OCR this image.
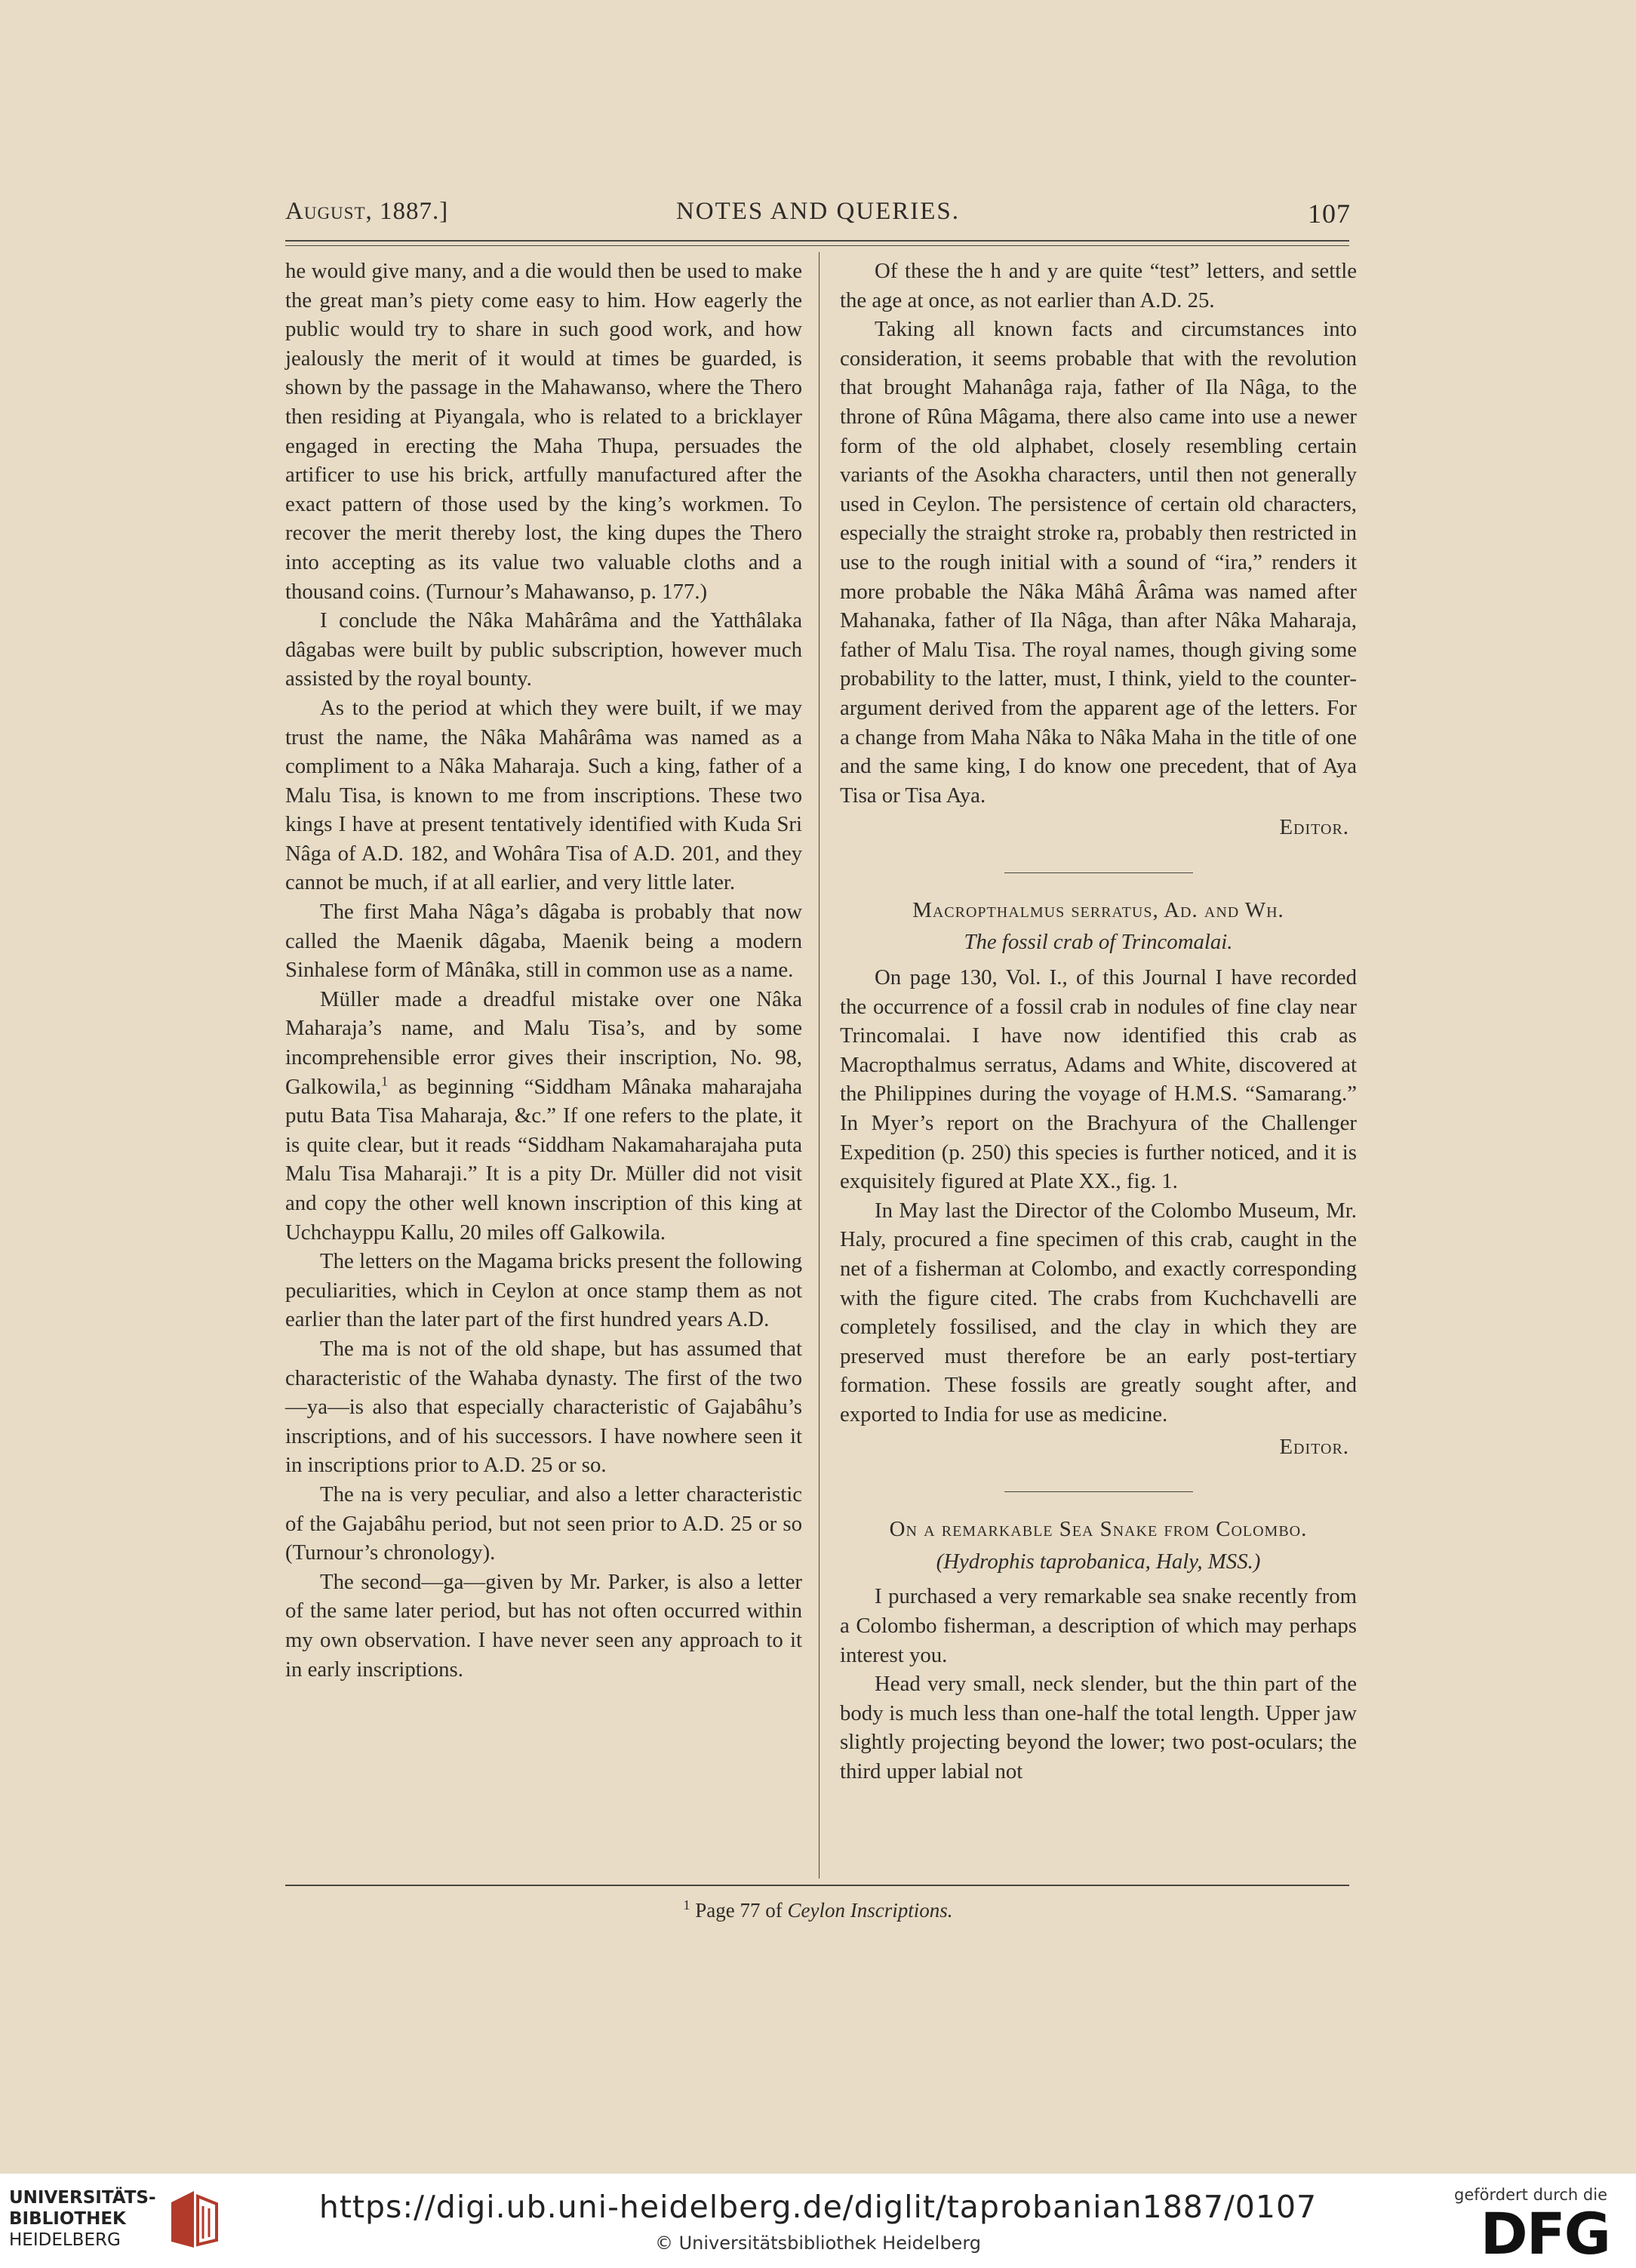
August, 1887.]	NOTES AND QUERIES.	107

he would give many, and a die would then be used to make the great man’s piety come easy to him. How eagerly the public would try to share in such good work, and how jealously the merit of it would at times be guarded, is shown by the passage in the Mahawanso, where the Thero then residing at Piyangala, who is related to a bricklayer engaged in erecting the Maha Thupa, persuades the artificer to use his brick, artfully manufactured after the exact pattern of those used by the king’s workmen. To recover the merit thereby lost, the king dupes the Thero into accepting as its value two valuable cloths and a thousand coins. (Turnour’s Mahawanso, p. 177.)

I conclude the Nâka Mahârâma and the Yatthâlaka dâgabas were built by public subscription, however much assisted by the royal bounty.

As to the period at which they were built, if we may trust the name, the Nâka Mahârâma was named as a compliment to a Nâka Maharaja. Such a king, father of a Malu Tisa, is known to me from inscriptions. These two kings I have at present tentatively identified with Kuda Sri Nâga of A.D. 182, and Wohâra Tisa of A.D. 201, and they cannot be much, if at all earlier, and very little later.

The first Maha Nâga’s dâgaba is probably that now called the Maenik dâgaba, Maenik being a modern Sinhalese form of Mânâka, still in common use as a name.

Müller made a dreadful mistake over one Nâka Maharaja’s name, and Malu Tisa’s, and by some incomprehensible error gives their inscription, No. 98, Galkowila,$^1$ as beginning “Siddham Mânaka maharajaha putu Bata Tisa Maharaja, &c.” If one refers to the plate, it is quite clear, but it reads “Siddham Nakamaharajaha puta Malu Tisa Maharaji.” It is a pity Dr. Müller did not visit and copy the other well known inscription of this king at Uchchayppu Kallu, 20 miles off Galkowila.

The letters on the Magama bricks present the following peculiarities, which in Ceylon at once stamp them as not earlier than the later part of the first hundred years A.D.

The ma is not of the old shape, but has assumed that characteristic of the Wahaba dynasty. The first of the two—ya—is also that especially characteristic of Gajabâhu’s inscriptions, and of his successors. I have nowhere seen it in inscriptions prior to A.D. 25 or so.

The na is very peculiar, and also a letter characteristic of the Gajabâhu period, but not seen prior to A.D. 25 or so (Turnour’s chronology).

The second—ga—given by Mr. Parker, is also a letter of the same later period, but has not often occurred within my own observation. I have never seen any approach to it in early inscriptions.

Of these the h and y are quite “test” letters, and settle the age at once, as not earlier than A.D. 25.

Taking all known facts and circumstances into consideration, it seems probable that with the revolution that brought Mahanâga raja, father of Ila Nâga, to the throne of Rûna Mâgama, there also came into use a newer form of the old alphabet, closely resembling certain variants of the Asokha characters, until then not generally used in Ceylon. The persistence of certain old characters, especially the straight stroke ra, probably then restricted in use to the rough initial with a sound of “ira,” renders it more probable the Nâka Mâhâ Ârâma was named after Mahanaka, father of Ila Nâga, than after Nâka Maharaja, father of Malu Tisa. The royal names, though giving some probability to the latter, must, I think, yield to the counter-argument derived from the apparent age of the letters. For a change from Maha Nâka to Nâka Maha in the title of one and the same king, I do know one precedent, that of Aya Tisa or Tisa Aya.

Editor.

Macropthalmus serratus, Ad. and Wh.

The fossil crab of Trincomalai.

On page 130, Vol. I., of this Journal I have recorded the occurrence of a fossil crab in nodules of fine clay near Trincomalai. I have now identified this crab as Macropthalmus serratus, Adams and White, discovered at the Philippines during the voyage of H.M.S. “Samarang.” In Myer’s report on the Brachyura of the Challenger Expedition (p. 250) this species is further noticed, and it is exquisitely figured at Plate XX., fig. 1.

In May last the Director of the Colombo Museum, Mr. Haly, procured a fine specimen of this crab, caught in the net of a fisherman at Colombo, and exactly corresponding with the figure cited. The crabs from Kuchchavelli are completely fossilised, and the clay in which they are preserved must therefore be an early post-tertiary formation. These fossils are greatly sought after, and exported to India for use as medicine.

Editor.

On a remarkable Sea Snake from Colombo.

(Hydrophis taprobanica, Haly, MSS.)

I purchased a very remarkable sea snake recently from a Colombo fisherman, a description of which may perhaps interest you.

Head very small, neck slender, but the thin part of the body is much less than one-half the total length. Upper jaw slightly projecting beyond the lower; two post-oculars; the third upper labial not

$^1$ Page 77 of Ceylon Inscriptions.
UNIVERSITÄTS-
BIBLIOTHEK
HEIDELBERG
https://digi.ub.uni-heidelberg.de/diglit/taprobanian1887/0107
© Universitätsbibliothek Heidelberg
gefördert durch die
DFG
